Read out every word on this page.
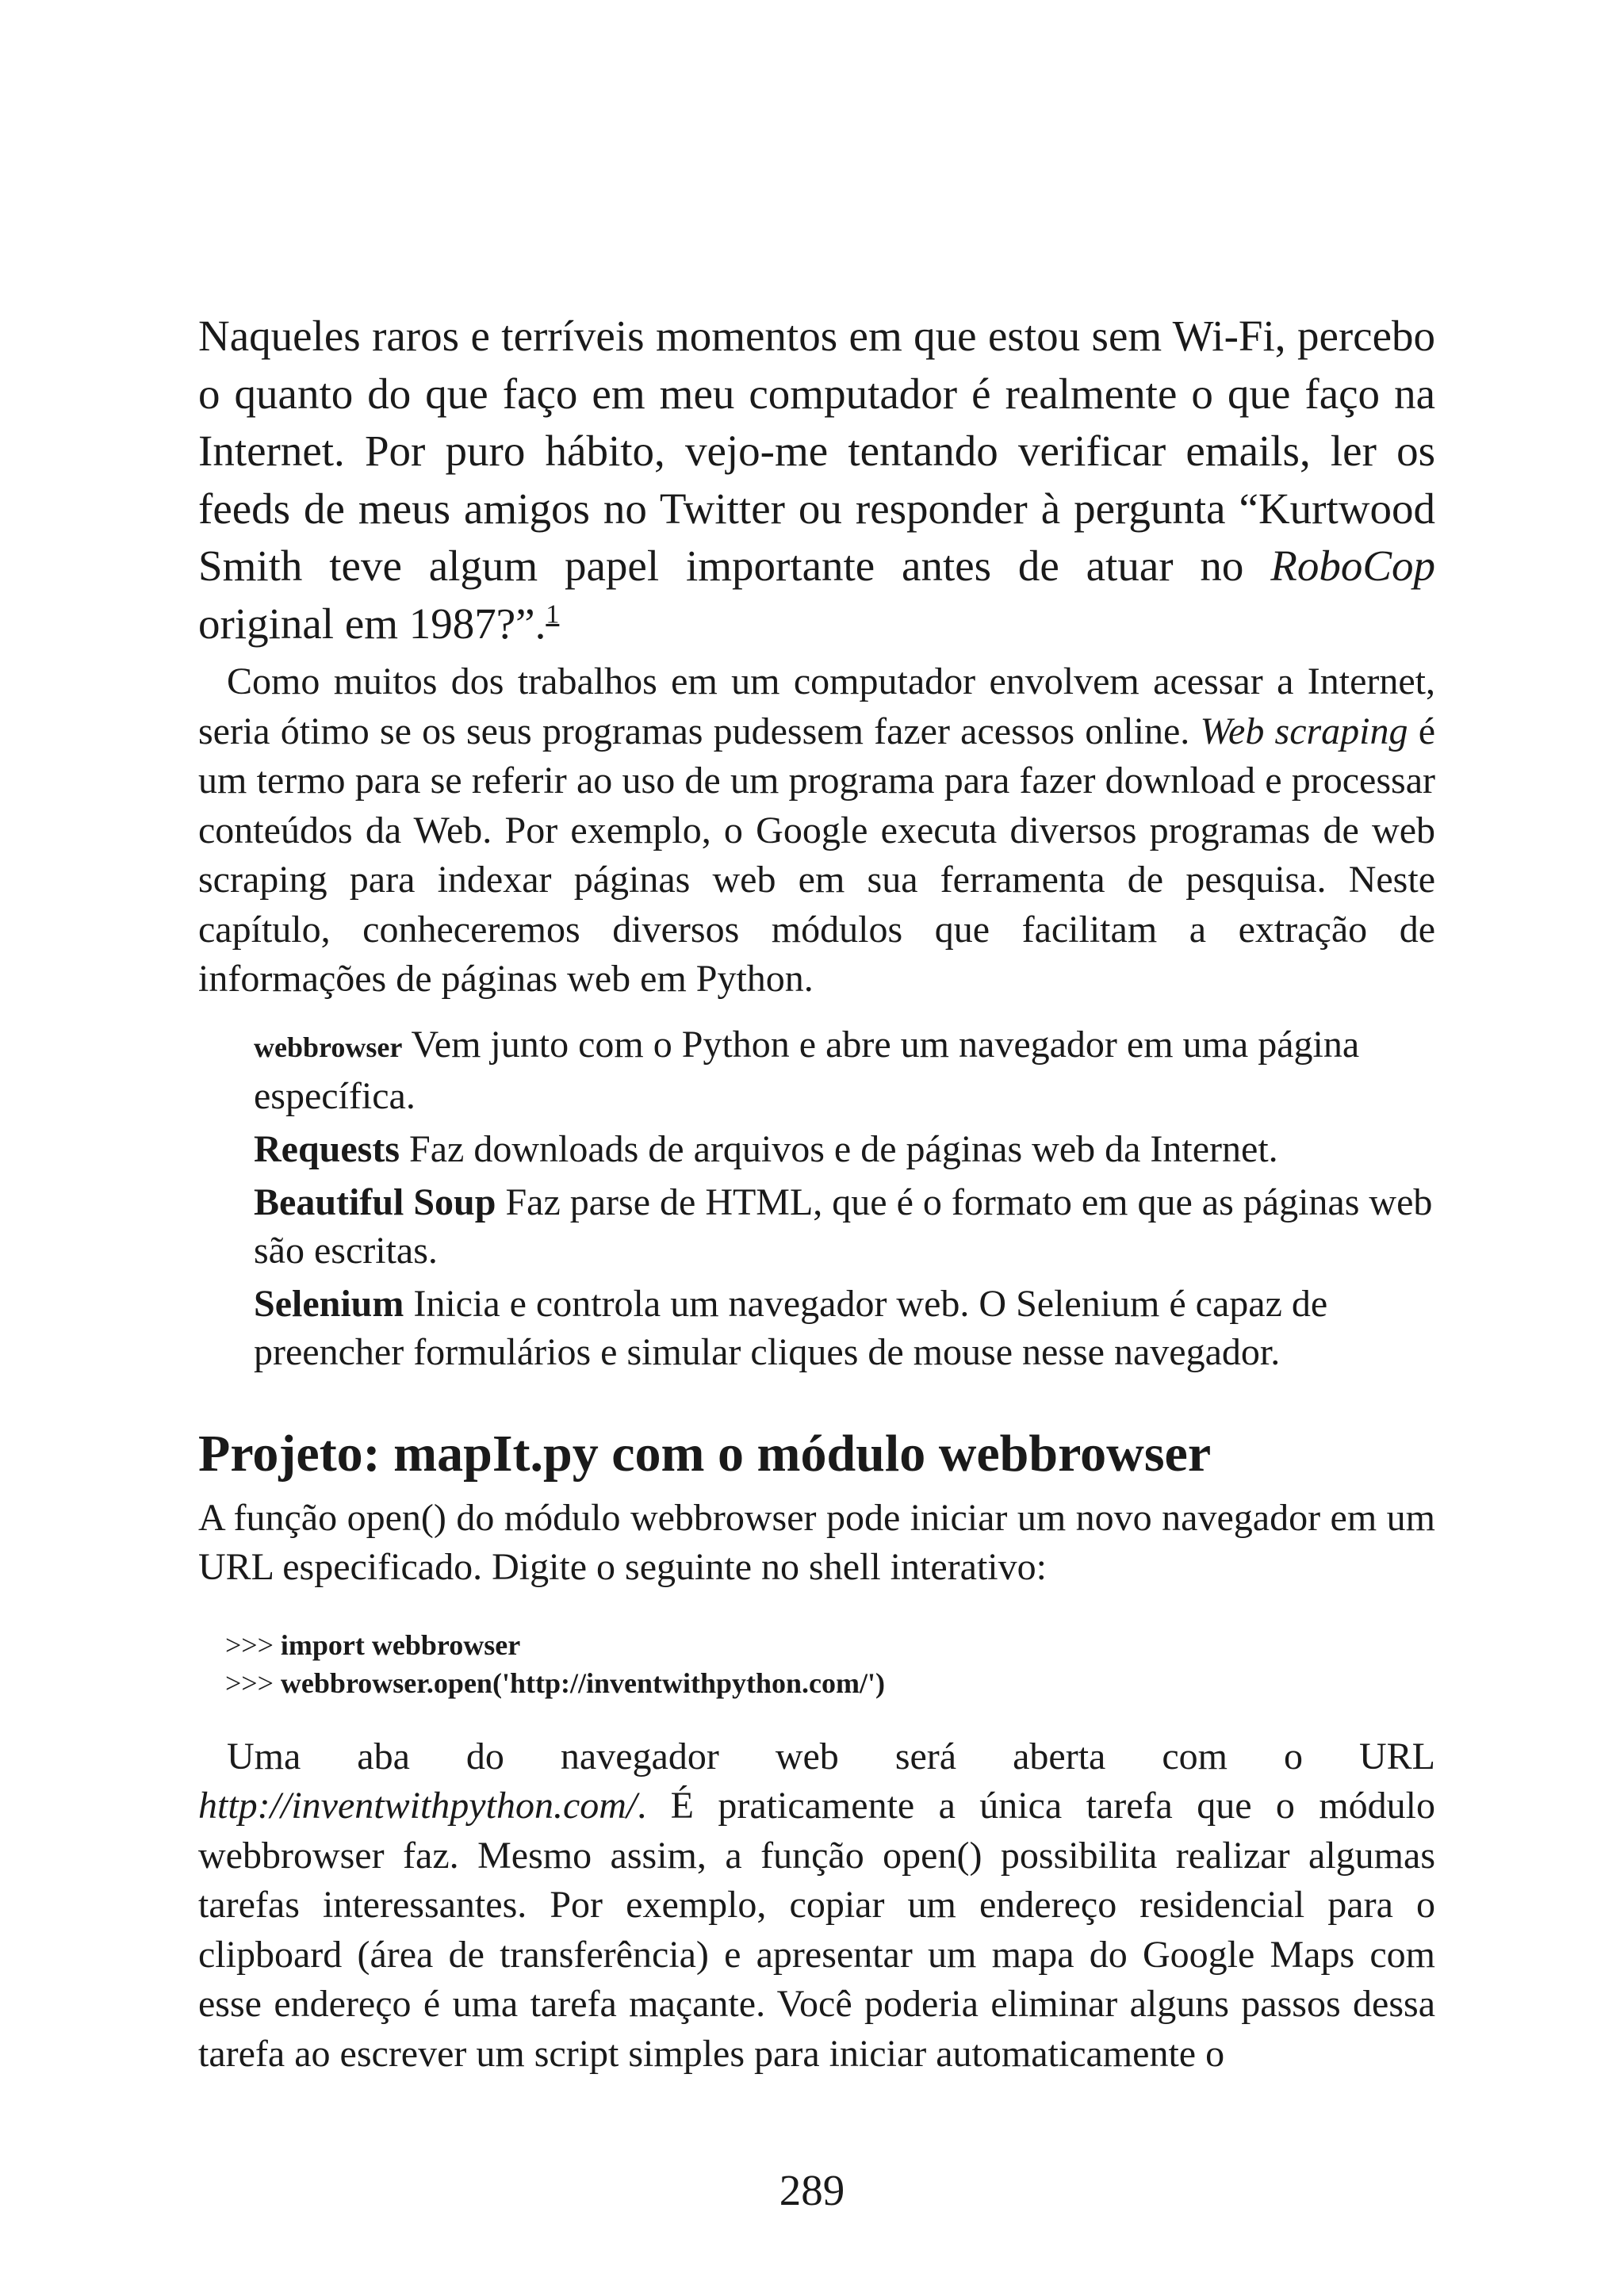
Naqueles raros e terríveis momentos em que estou sem Wi-Fi, percebo o quanto do que faço em meu computador é realmente o que faço na Internet. Por puro hábito, vejo-me tentando verificar emails, ler os feeds de meus amigos no Twitter ou responder à pergunta “Kurtwood Smith teve algum papel importante antes de atuar no RoboCop original em 1987?”.$^1$

Como muitos dos trabalhos em um computador envolvem acessar a Internet, seria ótimo se os seus programas pudessem fazer acessos online. Web scraping é um termo para se referir ao uso de um programa para fazer download e processar conteúdos da Web. Por exemplo, o Google executa diversos programas de web scraping para indexar páginas web em sua ferramenta de pesquisa. Neste capítulo, conheceremos diversos módulos que facilitam a extração de informações de páginas web em Python.

webbrowser Vem junto com o Python e abre um navegador em uma página específica.

Requests Faz downloads de arquivos e de páginas web da Internet.

Beautiful Soup Faz parse de HTML, que é o formato em que as páginas web são escritas.

Selenium Inicia e controla um navegador web. O Selenium é capaz de preencher formulários e simular cliques de mouse nesse navegador.

Projeto: mapIt.py com o módulo webbrowser

A função open() do módulo webbrowser pode iniciar um novo navegador em um URL especificado. Digite o seguinte no shell interativo:

>>> import webbrowser
>>> webbrowser.open('http://inventwithpython.com/')

Uma aba do navegador web será aberta com o URL
http://inventwithpython.com/. É praticamente a única tarefa que o módulo webbrowser faz. Mesmo assim, a função open() possibilita realizar algumas tarefas interessantes. Por exemplo, copiar um endereço residencial para o clipboard (área de transferência) e apresentar um mapa do Google Maps com esse endereço é uma tarefa maçante. Você poderia eliminar alguns passos dessa tarefa ao escrever um script simples para iniciar automaticamente o

289
